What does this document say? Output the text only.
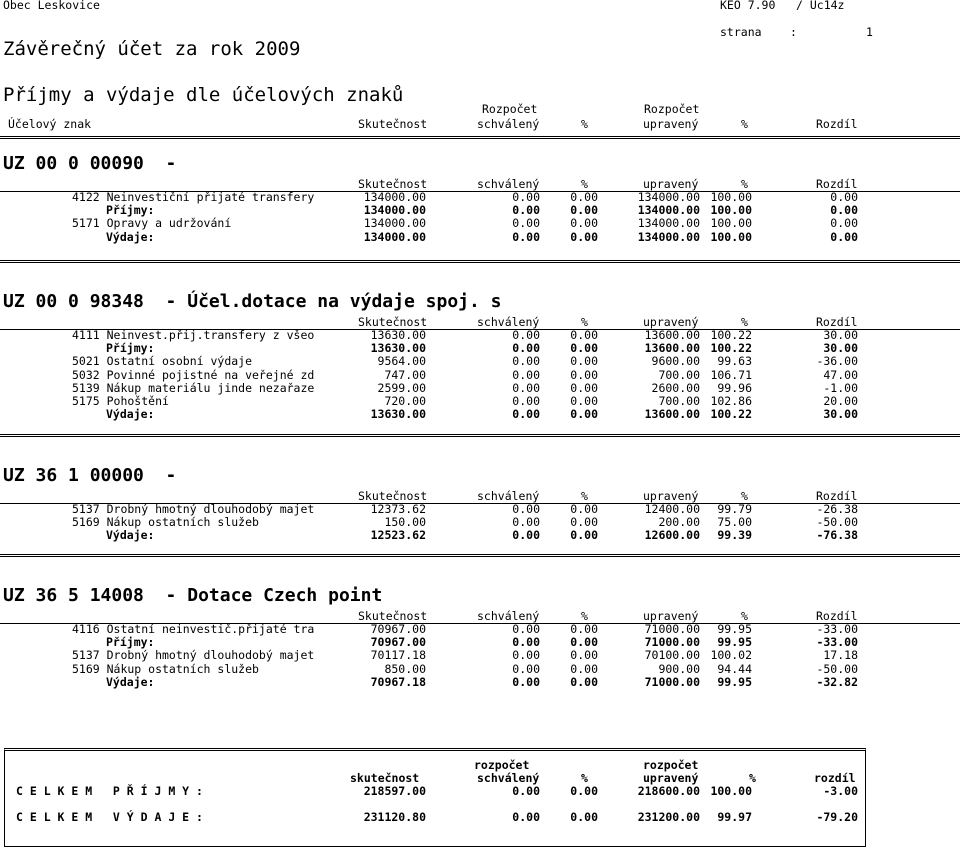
Obec Leskovice	KEO 7.90 / Uc14z
Závěrečný účet za rok 2009
strana :	1
Příjmy a výdaje dle účelových znaků
Rozpočet	Rozpočet
Účelový znak	Skutečnost	schválený	%	upravený	%	Rozdíl
UZ 00 0 00090  -
Skutečnost	schválený	%	upravený	%	Rozdíl
4122 Neinvestiční přijaté transfery	134000.00	0.00	0.00	134000.00 100.00	0.00
Příjmy:	134000.00	0.00	0.00	134000.00 100.00	0.00
5171 Opravy a udržování	134000.00	0.00	0.00	134000.00 100.00	0.00
Výdaje:	134000.00	0.00	0.00	134000.00 100.00	0.00
UZ 00 0 98348  - Účel.dotace na výdaje spoj. s
Skutečnost	schválený	%	upravený	%	Rozdíl
4111 Neinvest.přij.transfery z všeo	13630.00	0.00	0.00	13600.00 100.22	30.00
Příjmy:	13630.00	0.00	0.00	13600.00 100.22	30.00
5021 Ostatní osobní výdaje	9564.00	0.00	0.00	9600.00	99.63	-36.00
5032 Povinné pojistné na veřejné zd	747.00	0.00	0.00	700.00 106.71	47.00
5139 Nákup materiálu jinde nezařaze	2599.00	0.00	0.00	2600.00	99.96	-1.00
5175 Pohoštění	720.00	0.00	0.00	700.00 102.86	20.00
Výdaje:	13630.00	0.00	0.00	13600.00 100.22	30.00
UZ 36 1 00000  -
Skutečnost	schválený	%	upravený	%	Rozdíl
5137 Drobný hmotný dlouhodobý majet	12373.62	0.00	0.00	12400.00	99.79	-26.38
5169 Nákup ostatních služeb	150.00	0.00	0.00	200.00	75.00	-50.00
Výdaje:	12523.62	0.00	0.00	12600.00	99.39	-76.38
UZ 36 5 14008  - Dotace Czech point
Skutečnost	schválený	%	upravený	%	Rozdíl
4116 Ostatní neinvestič.přijaté tra	70967.00	0.00	0.00	71000.00	99.95	-33.00
Příjmy:	70967.00	0.00	0.00	71000.00	99.95	-33.00
5137 Drobný hmotný dlouhodobý majet	70117.18	0.00	0.00	70100.00 100.02	17.18
5169 Nákup ostatních služeb	850.00	0.00	0.00	900.00	94.44	-50.00
Výdaje:	70967.18	0.00	0.00	71000.00	99.95	-32.82
rozpočet	rozpočet
skutečnost	schválený	%	upravený	%	rozdíl
C E L K E M   P Ř Í J M Y :	218597.00	0.00	0.00	218600.00 100.00	-3.00
C E L K E M   V Ý D A J E :	231120.80	0.00	0.00	231200.00	99.97	-79.20
